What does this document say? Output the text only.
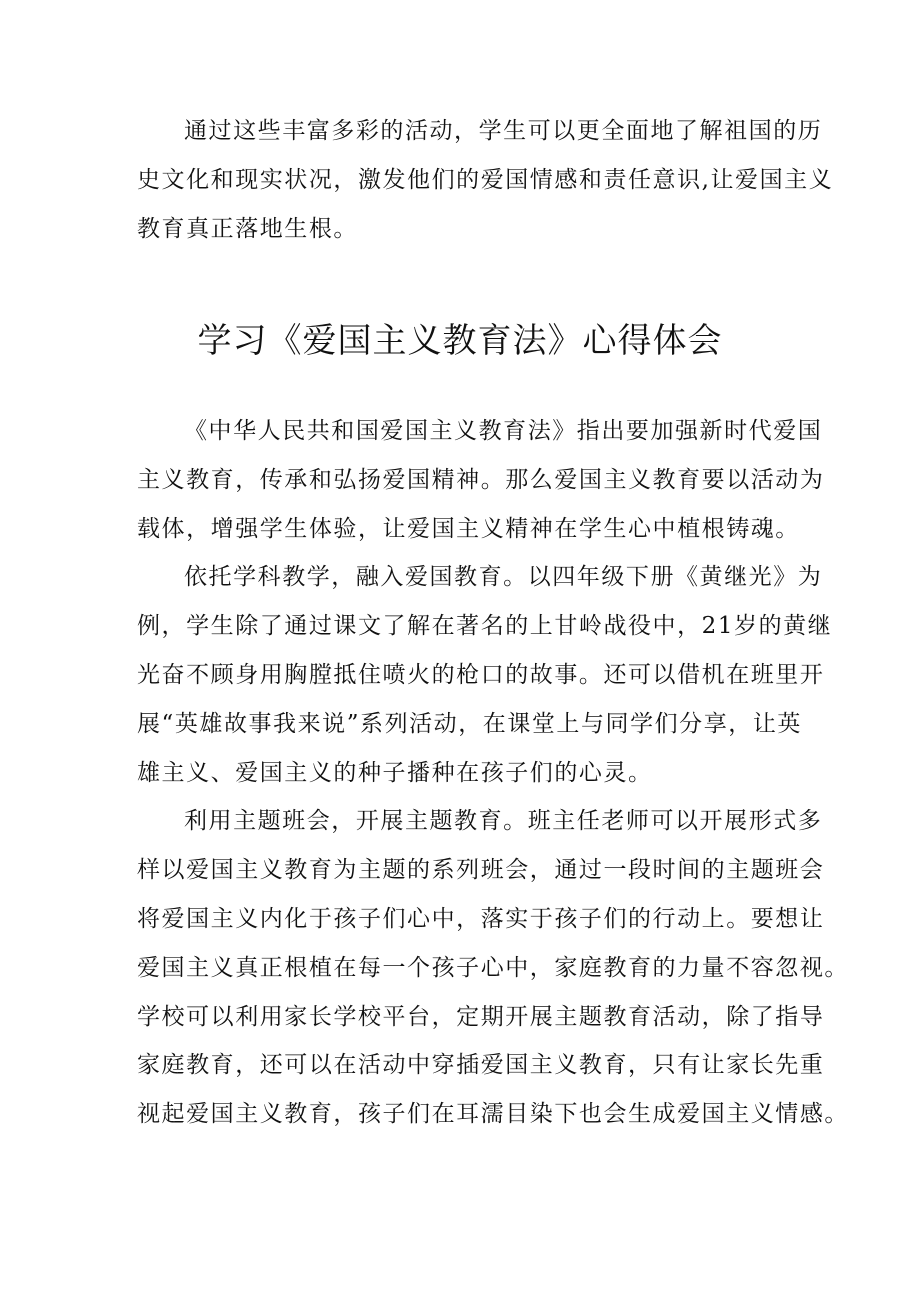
通过这些丰富多彩的活动，学生可以更全面地了解祖国的历
史文化和现实状况，激发他们的爱国情感和责任意识,让爱国主义
教育真正落地生根。
学习《爱国主义教育法》心得体会
《中华人民共和国爱国主义教育法》指出要加强新时代爱国
主义教育，传承和弘扬爱国精神。那么爱国主义教育要以活动为
载体，增强学生体验，让爱国主义精神在学生心中植根铸魂。
依托学科教学，融入爱国教育。以四年级下册《黄继光》为
例，学生除了通过课文了解在著名的上甘岭战役中，21岁的黄继
光奋不顾身用胸膛抵住喷火的枪口的故事。还可以借机在班里开
展“英雄故事我来说”系列活动，在课堂上与同学们分享，让英
雄主义、爱国主义的种子播种在孩子们的心灵。
利用主题班会，开展主题教育。班主任老师可以开展形式多
样以爱国主义教育为主题的系列班会，通过一段时间的主题班会
将爱国主义内化于孩子们心中，落实于孩子们的行动上。要想让
爱国主义真正根植在每一个孩子心中，家庭教育的力量不容忽视。
学校可以利用家长学校平台，定期开展主题教育活动，除了指导
家庭教育，还可以在活动中穿插爱国主义教育，只有让家长先重
视起爱国主义教育，孩子们在耳濡目染下也会生成爱国主义情感。
